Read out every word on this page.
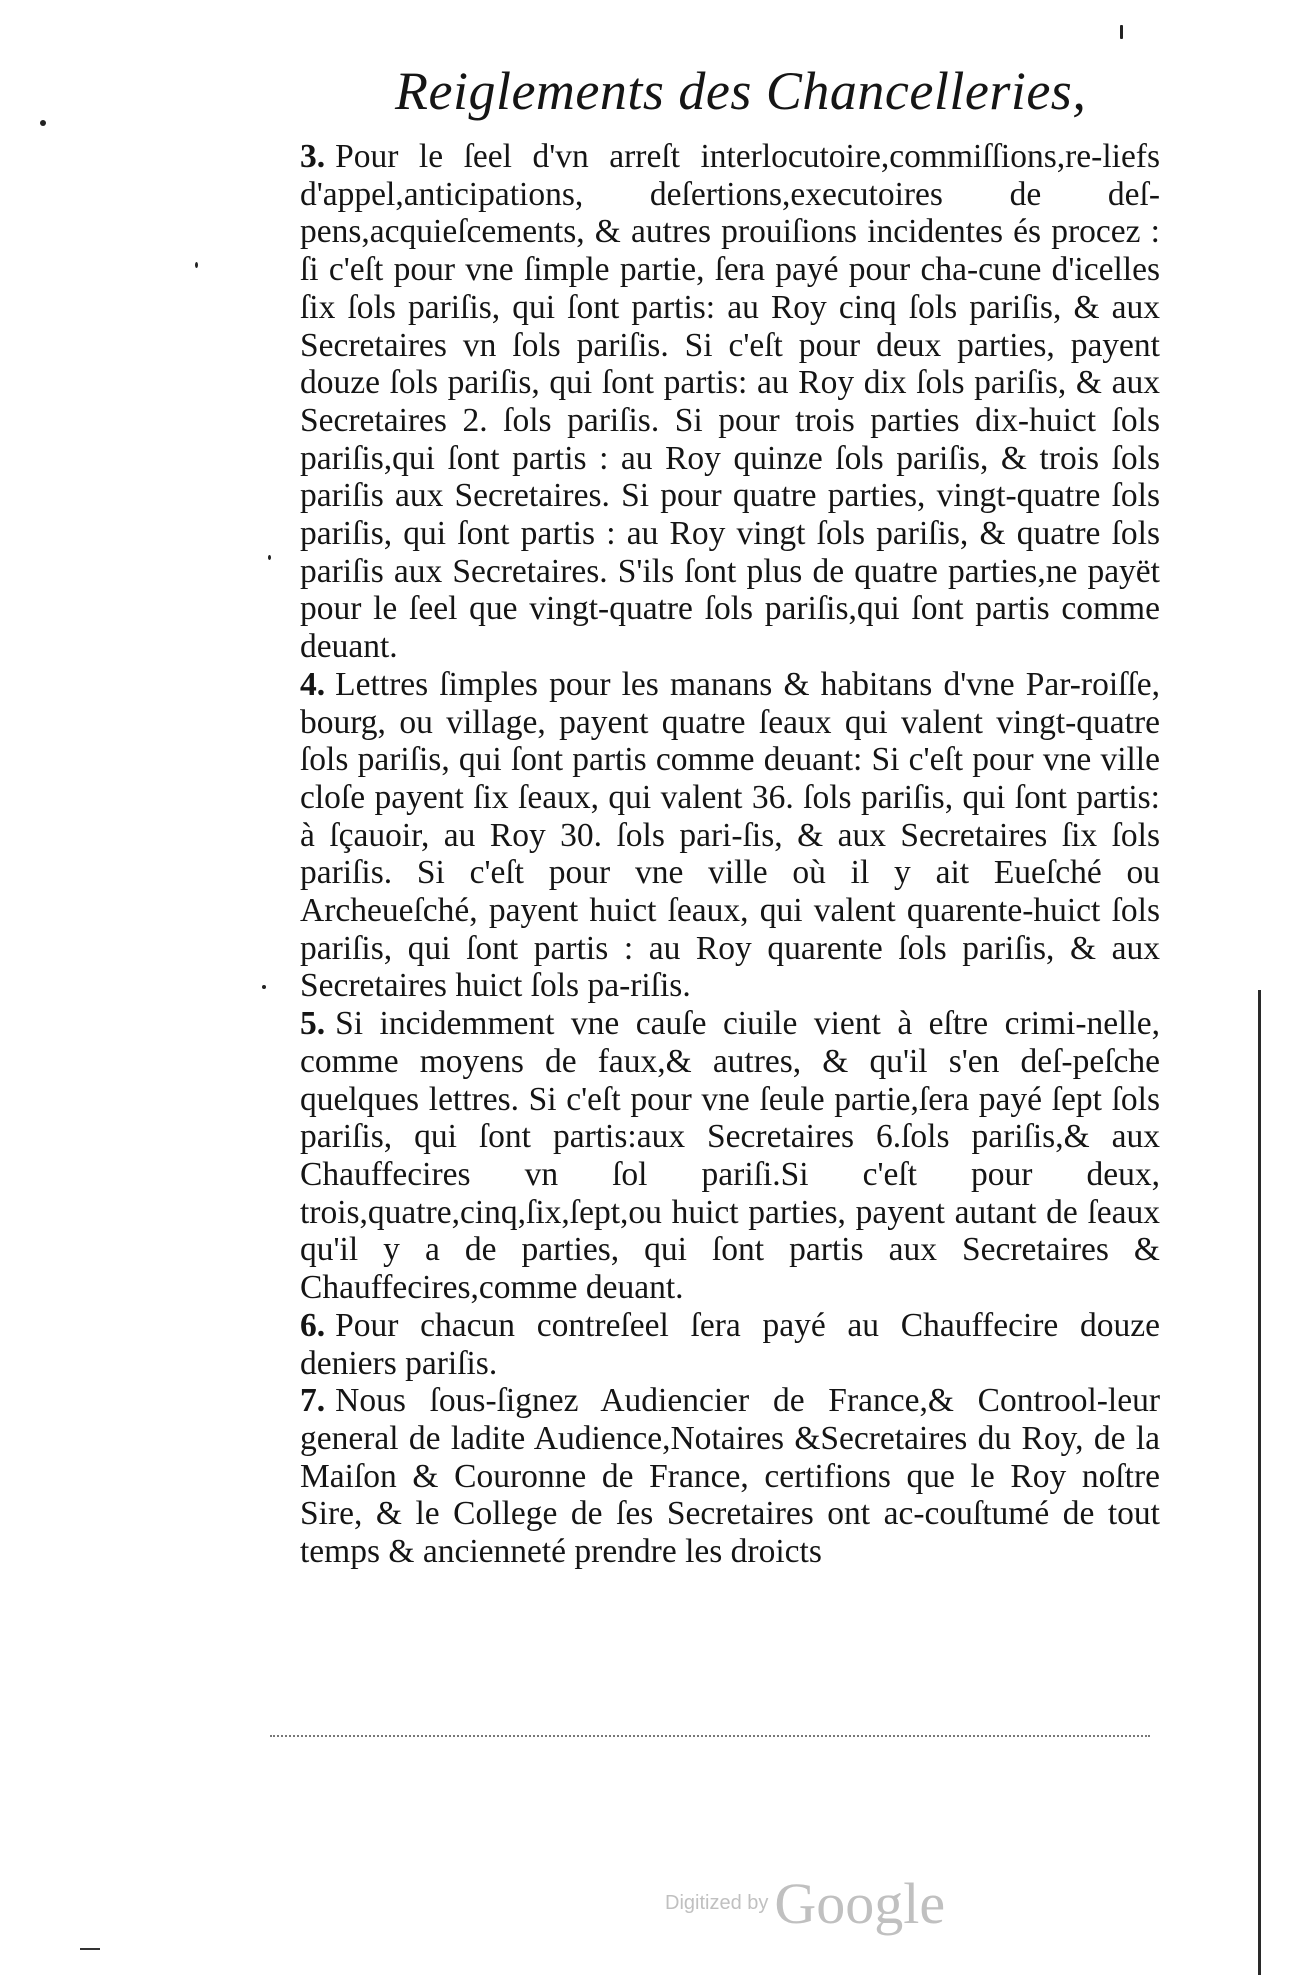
Reiglements des Chancelleries,

3. Pour le ſeel d'vn arreſt interlocutoire,commiſſions,re-liefs d'appel,anticipations, deſertions,executoires de deſ-pens,acquieſcements, & autres prouiſions incidentes és procez : ſi c'eſt pour vne ſimple partie, ſera payé pour cha-cune d'icelles ſix ſols pariſis, qui ſont partis: au Roy cinq ſols pariſis, & aux Secretaires vn ſols pariſis. Si c'eſt pour deux parties, payent douze ſols pariſis, qui ſont partis: au Roy dix ſols pariſis, & aux Secretaires 2. ſols pariſis. Si pour trois parties dix-huict ſols pariſis,qui ſont partis : au Roy quinze ſols pariſis, & trois ſols pariſis aux Secretaires. Si pour quatre parties, vingt-quatre ſols pariſis, qui ſont partis : au Roy vingt ſols pariſis, & quatre ſols pariſis aux Secretaires. S'ils ſont plus de quatre parties,ne payët pour le ſeel que vingt-quatre ſols pariſis,qui ſont partis comme deuant.

4. Lettres ſimples pour les manans & habitans d'vne Par-roiſſe, bourg, ou village, payent quatre ſeaux qui valent vingt-quatre ſols pariſis, qui ſont partis comme deuant: Si c'eſt pour vne ville cloſe payent ſix ſeaux, qui valent 36. ſols pariſis, qui ſont partis: à ſçauoir, au Roy 30. ſols pari-ſis, & aux Secretaires ſix ſols pariſis. Si c'eſt pour vne ville où il y ait Eueſché ou Archeueſché, payent huict ſeaux, qui valent quarente-huict ſols pariſis, qui ſont partis : au Roy quarente ſols pariſis, & aux Secretaires huict ſols pa-riſis.

5. Si incidemment vne cauſe ciuile vient à eſtre crimi-nelle, comme moyens de faux,& autres, & qu'il s'en deſ-peſche quelques lettres. Si c'eſt pour vne ſeule partie,ſera payé ſept ſols pariſis, qui ſont partis:aux Secretaires 6.ſols pariſis,& aux Chauffecires vn ſol pariſi.Si c'eſt pour deux, trois,quatre,cinq,ſix,ſept,ou huict parties, payent autant de ſeaux qu'il y a de parties, qui ſont partis aux Secretaires & Chauffecires,comme deuant.

6. Pour chacun contreſeel ſera payé au Chauffecire douze deniers pariſis.

7. Nous ſous-ſignez Audiencier de France,& Controol-leur general de ladite Audience,Notaires &Secretaires du Roy, de la Maiſon & Couronne de France, certifions que le Roy noſtre Sire, & le College de ſes Secretaires ont ac-couſtumé de tout temps & ancienneté prendre les droicts

Digitized by Google
